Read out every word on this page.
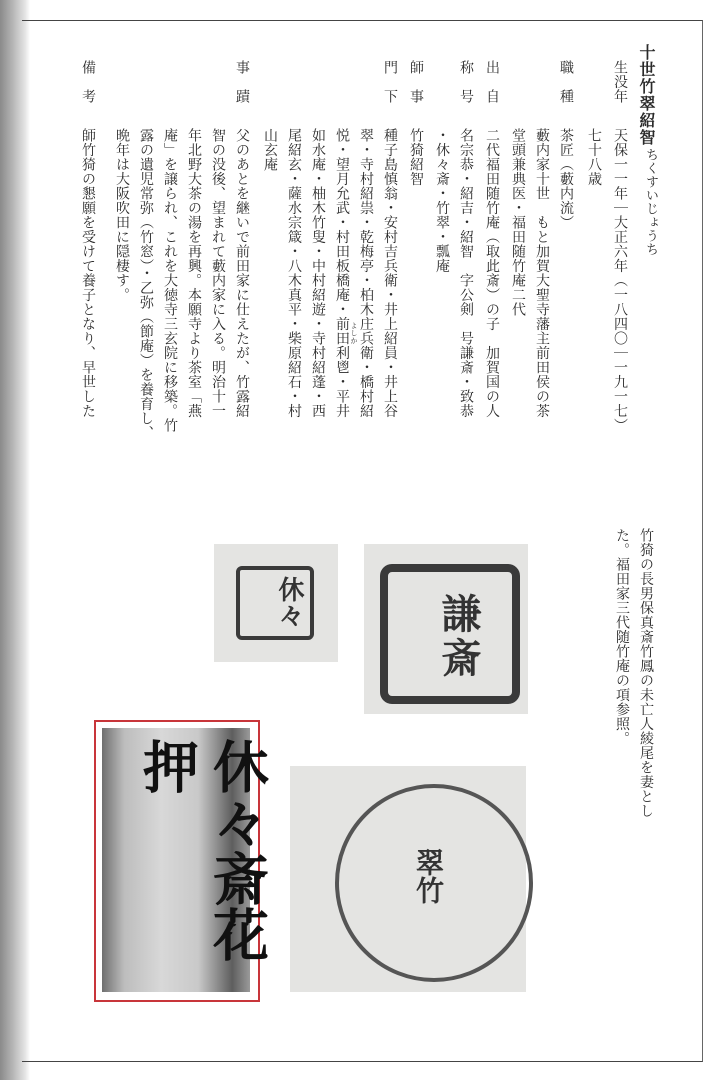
十世竹翠紹智
ちくすいじょうち
生没年
天保一一年｜大正六年（一八四〇｜一九一七）
七十八歳
職　種
茶匠（藪内流）
藪内家十世　もと加賀大聖寺藩主前田侯の茶
堂頭兼典医・福田随竹庵二代
出　自
二代福田随竹庵（取此斎）の子　加賀国の人
称　号
名宗恭・紹吉・紹智　字公剣　号謙斎・致恭
・休々斎・竹翠・瓢庵
師　事
竹猗紹智
門　下
種子島慎翁・安村吉兵衛・井上紹員・井上谷
翠・寺村紹祟・乾梅亭・柏木庄兵衛・橋村紹
悦・望月允武・村田板橋庵・前田利鬯・平井
如水庵・柚木竹叟・中村紹遊・寺村紹蓬・西
尾紹玄・薩水宗箴・八木真平・柴原紹石・村
山玄庵
よしか
事　蹟
父のあとを継いで前田家に仕えたが、竹露紹
智の没後、望まれて藪内家に入る。明治十一
年北野大茶の湯を再興。本願寺より茶室「燕
庵」を譲られ、これを大徳寺三玄院に移築。竹
露の遺児常弥（竹窓）・乙弥（節庵）を養育し、
晩年は大阪吹田に隠棲す。
備　考
師竹猗の懇願を受けて養子となり、早世した
竹猗の長男保真斎竹鳳の未亡人綾尾を妻とし
た。福田家三代随竹庵の項参照。
休々	謙斎
休々斎花押
翠竹
